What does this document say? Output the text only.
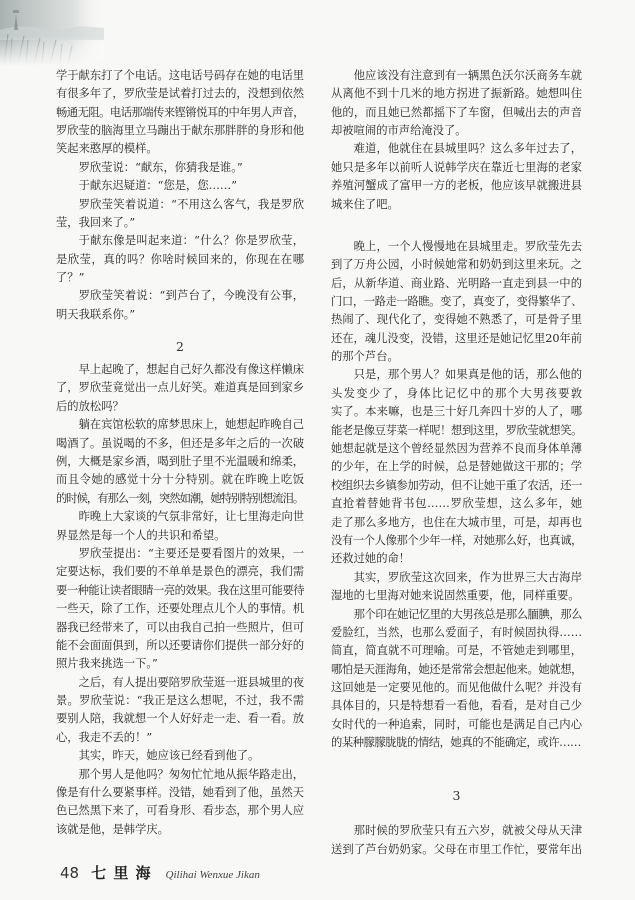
学于献东打了个电话。这电话号码存在她的电话里
有很多年了，罗欣莹是试着打过去的，没想到依然
畅通无阻。电话那端传来铿锵悦耳的中年男人声音，
罗欣莹的脑海里立马蹦出于献东那胖胖的身形和他
笑起来憨厚的模样。
罗欣莹说：“献东，你猜我是谁。”
于献东迟疑道：“您是，您……”
罗欣莹笑着说道：“不用这么客气，我是罗欣
莹，我回来了。”
于献东像是叫起来道：“什么？你是罗欣莹，
是欣莹，真的吗？你啥时候回来的，你现在在哪
了？”
罗欣莹笑着说：“到芦台了，今晚没有公事，
明天我联系你。”
2
早上起晚了，想起自己好久都没有像这样懒床
了，罗欣莹竟觉出一点儿好笑。难道真是回到家乡
后的放松吗？
躺在宾馆松软的席梦思床上，她想起昨晚自己
喝酒了。虽说喝的不多，但还是多年之后的一次破
例，大概是家乡酒，喝到肚子里不光温暖和绵柔，
而且令她的感觉十分十分特别。就在昨晚上吃饭
的时候，有那么一刻，突然如潮，她特别特别想流泪。
昨晚上大家谈的气氛非常好，让七里海走向世
界显然是每一个人的共识和希望。
罗欣莹提出：“主要还是要看图片的效果，一
定要达标，我们要的不单单是景色的漂亮，我们需
要一种能让读者眼睛一亮的效果。我在这里可能要待
一些天，除了工作，还要处理点儿个人的事情。机
器我已经带来了，可以由我自己拍一些照片，但可
能不会面面俱到，所以还要请你们提供一部分好的
照片我来挑选一下。”
之后，有人提出要陪罗欣莹逛一逛县城里的夜
景。罗欣莹说：“我正是这么想呢，不过，我不需
要别人陪，我就想一个人好好走一走、看一看。放
心，我走不丢的！”
其实，昨天，她应该已经看到他了。
那个男人是他吗？匆匆忙忙地从振华路走出，
像是有什么要紧事样。没错，她看到了他，虽然天
色已然黑下来了，可看身形、看步态，那个男人应
该就是他，是韩学庆。
他应该没有注意到有一辆黑色沃尔沃商务车就
从离他不到十几米的地方拐进了振新路。她想叫住
他的，而且她已然都摇下了车窗，但喊出去的声音
却被喧闹的市声给淹没了。
难道，他就住在县城里吗？这么多年过去了，
她只是多年以前听人说韩学庆在靠近七里海的老家
养殖河蟹成了富甲一方的老板，他应该早就搬进县
城来住了吧。
晚上，一个人慢慢地在县城里走。罗欣莹先去
到了万舟公园，小时候她常和奶奶到这里来玩。之
后，从新华道、商业路、光明路一直走到县一中的
门口，一路走一路瞧。变了，真变了，变得繁华了、
热闹了、现代化了，变得她不熟悉了，可是骨子里
还在，魂儿没变，没错，这里还是她记忆里20年前
的那个芦台。
只是，那个男人？如果真是他的话，那么他的
头发变少了，身体比记忆中的那个大男孩要敦
实了。本来嘛，也是三十好几奔四十岁的人了，哪
能老是像豆芽菜一样呢！想到这里，罗欣莹就想笑。
她想起就是这个曾经显然因为营养不良而身体单薄
的少年，在上学的时候，总是替她做这干那的；学
校组织去乡镇参加劳动，但不让她干重了农活，还一
直抢着替她背书包……罗欣莹想，这么多年，她
走了那么多地方，也住在大城市里，可是，却再也
没有一个人像那个少年一样，对她那么好，也真诚，
还救过她的命！
其实，罗欣莹这次回来，作为世界三大古海岸
湿地的七里海对她来说固然重要，他，同样重要。
那个印在她记忆里的大男孩总是那么腼腆，那么
爱脸红，当然，也那么爱面子，有时候固执得……
简直，简直就不可理喻。可是，不管她走到哪里，
哪怕是天涯海角，她还是常常会想起他来。她就想，
这回她是一定要见他的。而见他做什么呢？并没有
具体目的，只是特想看一看他，看看，是对自己少
女时代的一种追索，同时，可能也是满足自己内心
的某种朦朦胧胧的情结，她真的不能确定，或许……
3
那时候的罗欣莹只有五六岁，就被父母从天津
送到了芦台奶奶家。父母在市里工作忙，要常年出
48 七 里 海 Qilihai Wenxue Jikan
